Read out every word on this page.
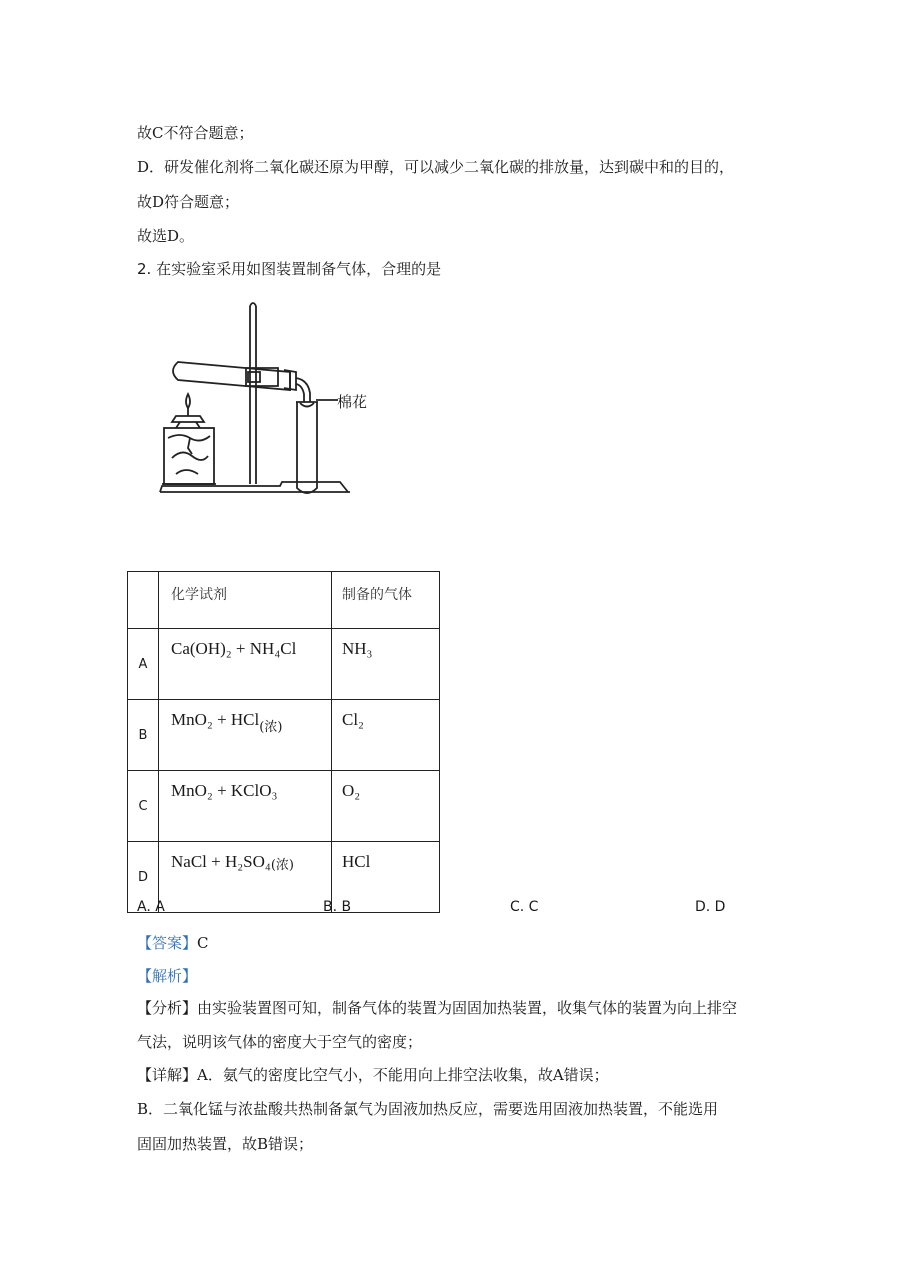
故C不符合题意；
D．研发催化剂将二氧化碳还原为甲醇，可以减少二氧化碳的排放量，达到碳中和的目的，
故D符合题意；
故选D。
2. 在实验室采用如图装置制备气体，合理的是
棉花
	化学试剂	制备的气体
A	Ca(OH)₂ + NH₄Cl	NH₃
B	MnO₂ + HCl(浓)	Cl₂
C	MnO₂ + KClO₃	O₂
D	NaCl + H₂SO₄(浓)	HCl
A. A	B. B	C. C	D. D
【答案】C
【解析】
【分析】由实验装置图可知，制备气体的装置为固固加热装置，收集气体的装置为向上排空
气法，说明该气体的密度大于空气的密度；
【详解】A．氨气的密度比空气小，不能用向上排空法收集，故A错误；
B．二氧化锰与浓盐酸共热制备氯气为固液加热反应，需要选用固液加热装置，不能选用
固固加热装置，故B错误；
